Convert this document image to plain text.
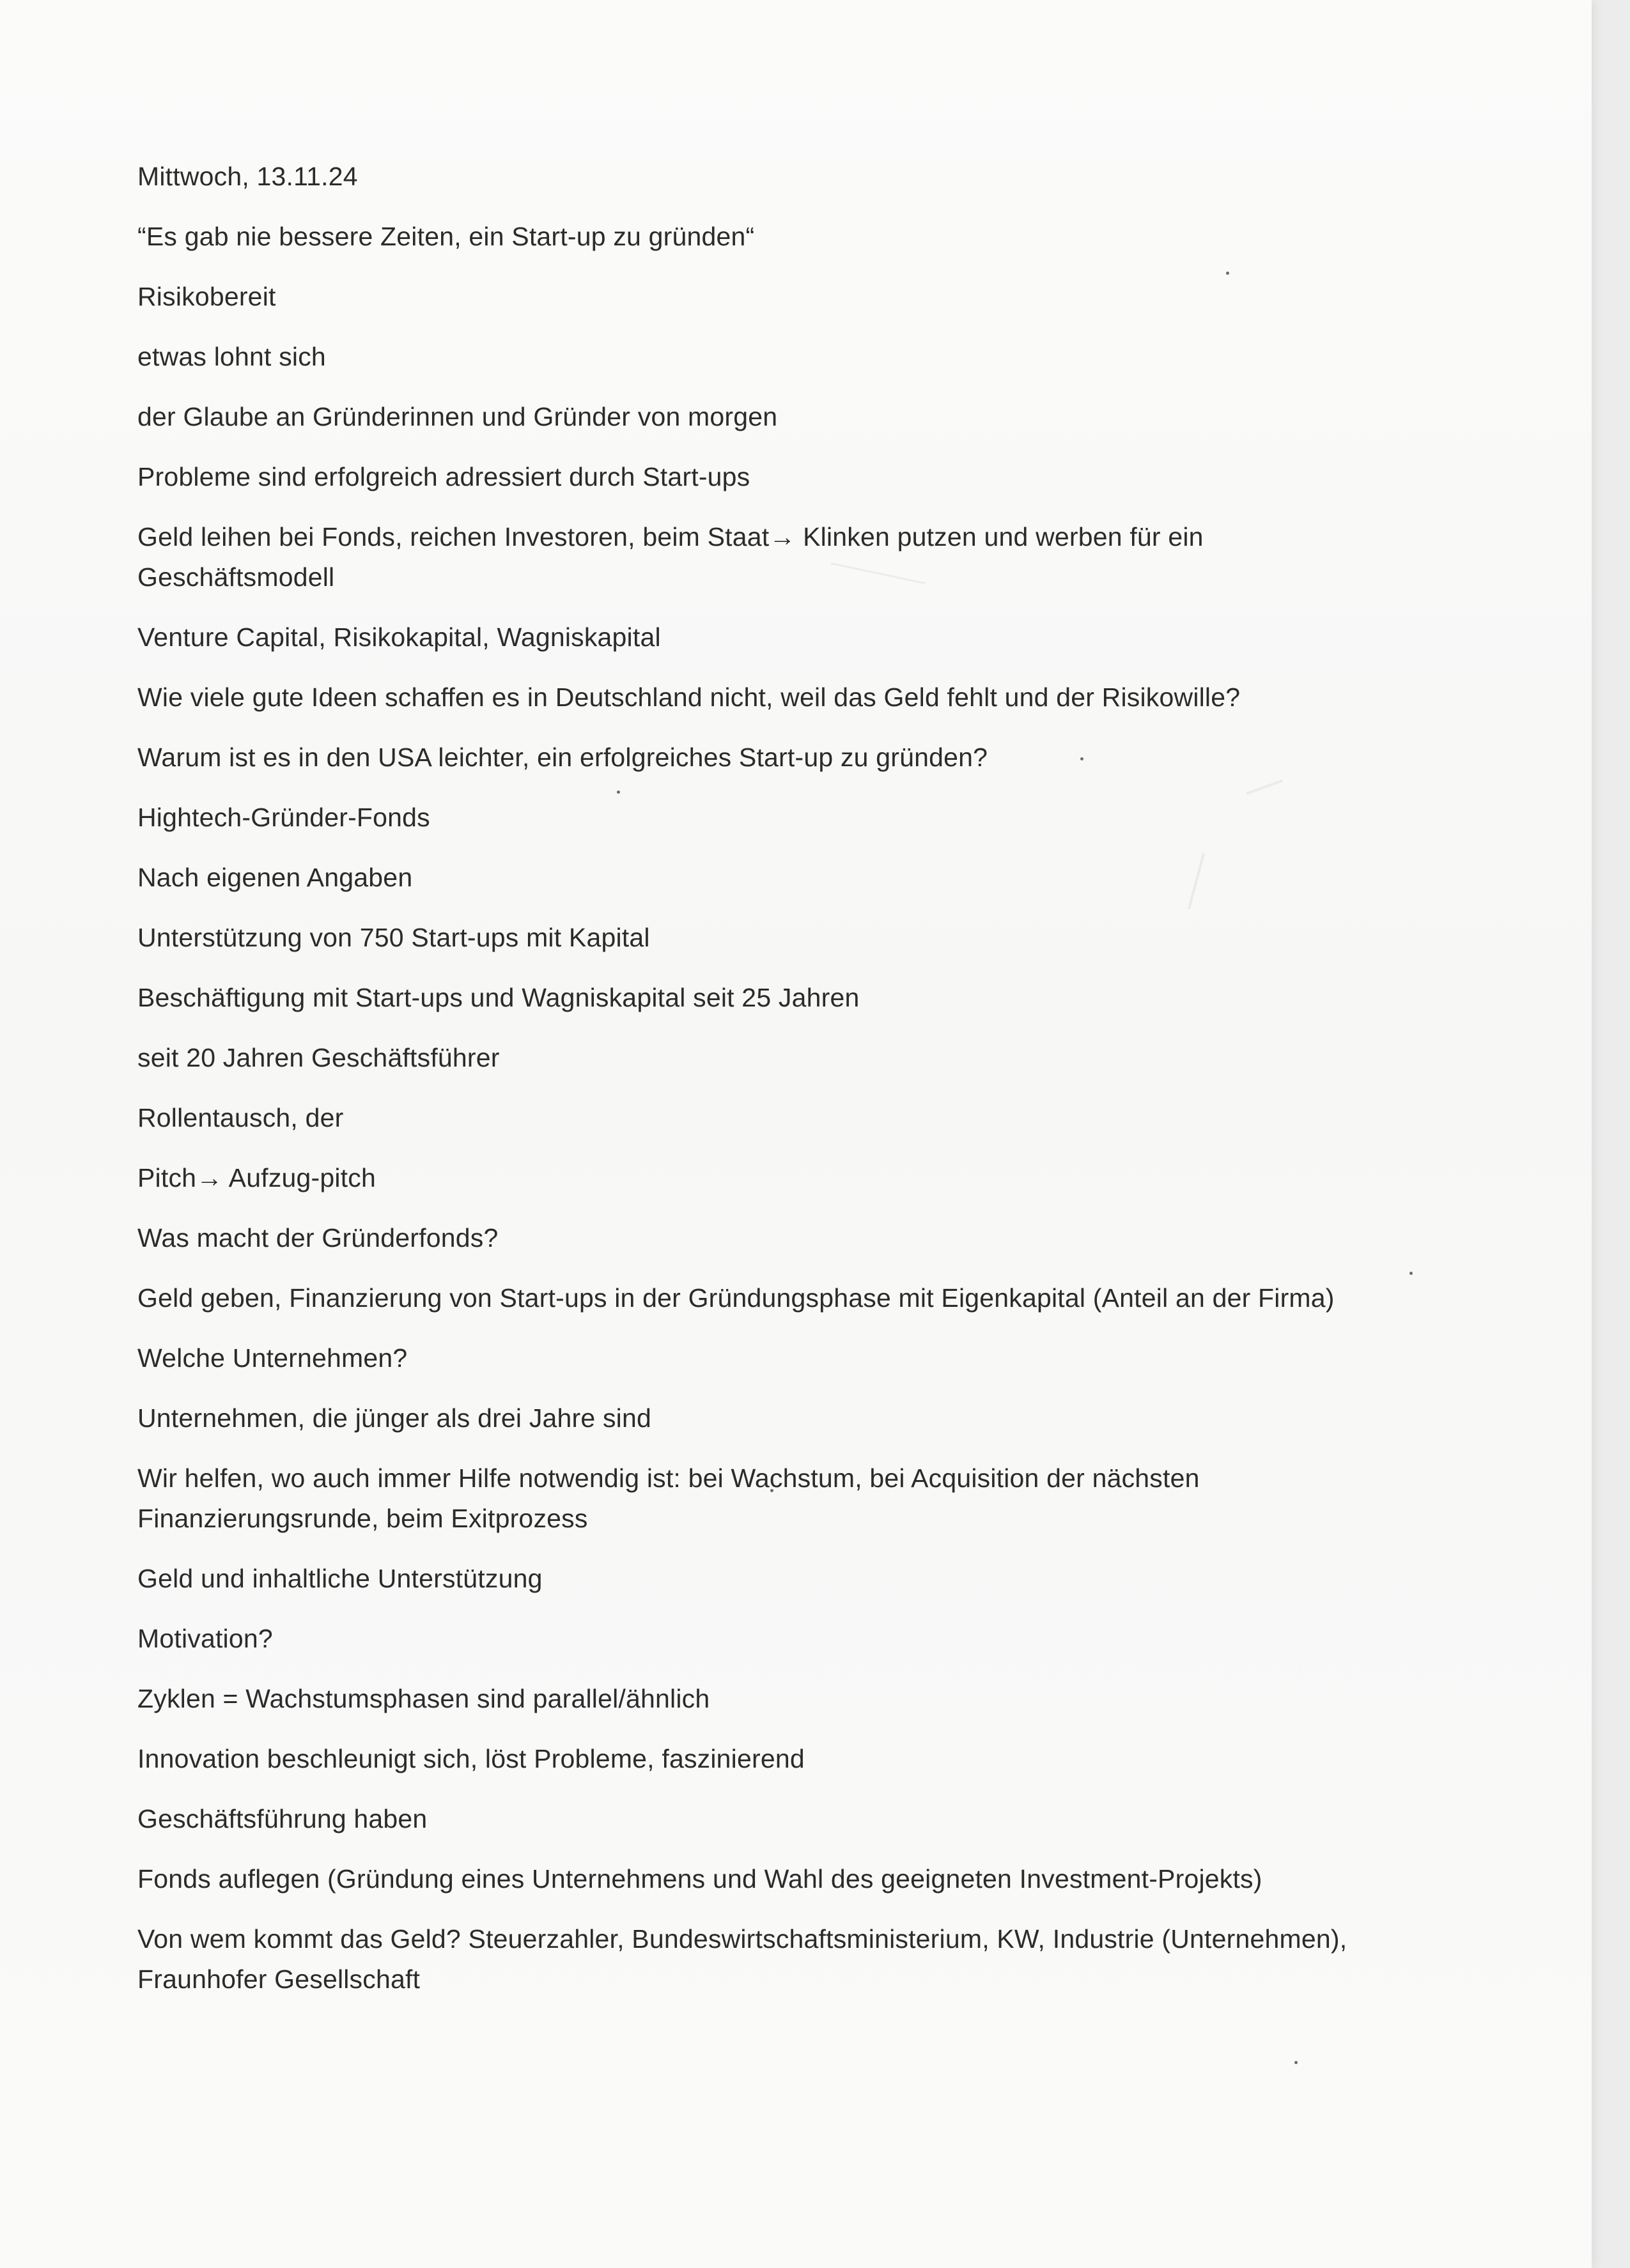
Mittwoch, 13.11.24

“Es gab nie bessere Zeiten, ein Start-up zu gründen“

Risikobereit

etwas lohnt sich

der Glaube an Gründerinnen und Gründer von morgen

Probleme sind erfolgreich adressiert durch Start-ups

Geld leihen bei Fonds, reichen Investoren, beim Staat→ Klinken putzen und werben für ein
Geschäftsmodell

Venture Capital, Risikokapital, Wagniskapital

Wie viele gute Ideen schaffen es in Deutschland nicht, weil das Geld fehlt und der Risikowille?

Warum ist es in den USA leichter, ein erfolgreiches Start-up zu gründen?

Hightech-Gründer-Fonds

Nach eigenen Angaben

Unterstützung von 750 Start-ups mit Kapital

Beschäftigung mit Start-ups und Wagniskapital seit 25 Jahren

seit 20 Jahren Geschäftsführer

Rollentausch, der

Pitch→ Aufzug-pitch

Was macht der Gründerfonds?

Geld geben, Finanzierung von Start-ups in der Gründungsphase mit Eigenkapital (Anteil an der Firma)

Welche Unternehmen?

Unternehmen, die jünger als drei Jahre sind

Wir helfen, wo auch immer Hilfe notwendig ist: bei Wachstum, bei Acquisition der nächsten
Finanzierungsrunde, beim Exitprozess

Geld und inhaltliche Unterstützung

Motivation?

Zyklen = Wachstumsphasen sind parallel/ähnlich

Innovation beschleunigt sich, löst Probleme, faszinierend

Geschäftsführung haben

Fonds auflegen (Gründung eines Unternehmens und Wahl des geeigneten Investment-Projekts)

Von wem kommt das Geld? Steuerzahler, Bundeswirtschaftsministerium, KW, Industrie (Unternehmen),
Fraunhofer Gesellschaft
